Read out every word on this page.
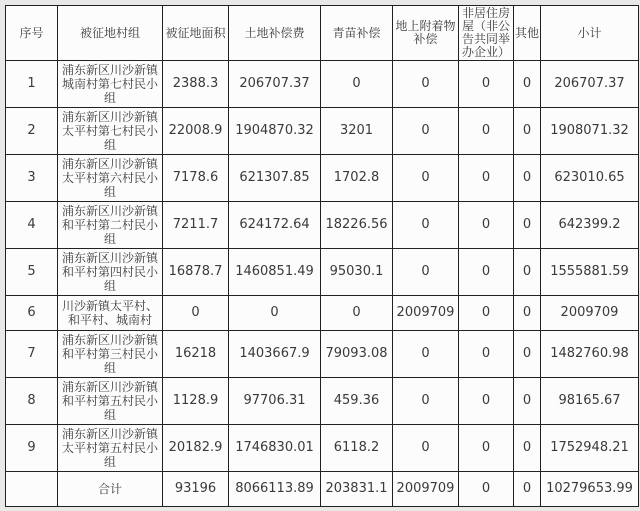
序号	被征地村组	被征地面积	土地补偿费	青苗补偿	地上附着物补偿	非居住房屋（非公告共同举办企业）	其他	小计
1	浦东新区川沙新镇城南村第七村民小组	2388.3	206707.37	0	0	0	0	206707.37
2	浦东新区川沙新镇太平村第七村民小组	22008.9	1904870.32	3201	0	0	0	1908071.32
3	浦东新区川沙新镇太平村第六村民小组	7178.6	621307.85	1702.8	0	0	0	623010.65
4	浦东新区川沙新镇和平村第二村民小组	7211.7	624172.64	18226.56	0	0	0	642399.2
5	浦东新区川沙新镇和平村第四村民小组	16878.7	1460851.49	95030.1	0	0	0	1555881.59
6	川沙新镇太平村、和平村、城南村	0	0	0	2009709	0	0	2009709
7	浦东新区川沙新镇和平村第三村民小组	16218	1403667.9	79093.08	0	0	0	1482760.98
8	浦东新区川沙新镇和平村第五村民小组	1128.9	97706.31	459.36	0	0	0	98165.67
9	浦东新区川沙新镇太平村第五村民小组	20182.9	1746830.01	6118.2	0	0	0	1752948.21
	合计	93196	8066113.89	203831.1	2009709	0	0	10279653.99
